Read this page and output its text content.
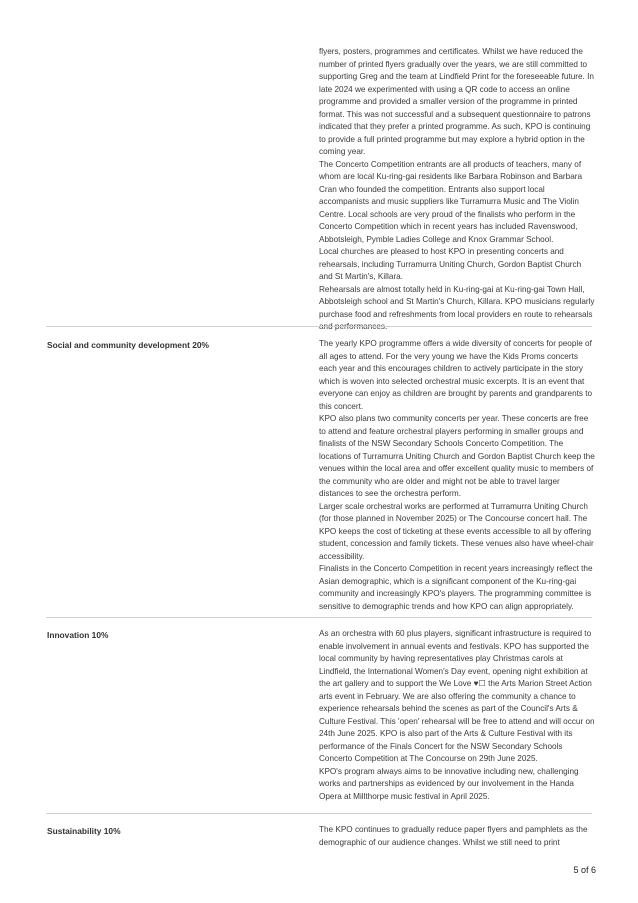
flyers, posters, programmes and certificates. Whilst we have reduced the number of printed flyers gradually over the years, we are still committed to supporting Greg and the team at Lindfield Print for the foreseeable future. In late 2024 we experimented with using a QR code to access an online programme and provided a smaller version of the programme in printed format. This was not successful and a subsequent questionnaire to patrons indicated that they prefer a printed programme. As such, KPO is continuing to provide a full printed programme but may explore a hybrid option in the coming year.

The Concerto Competition entrants are all products of teachers, many of whom are local Ku-ring-gai residents like Barbara Robinson and Barbara Cran who founded the competition. Entrants also support local accompanists and music suppliers like Turramurra Music and The Violin Centre. Local schools are very proud of the finalists who perform in the Concerto Competition which in recent years has included Ravenswood, Abbotsleigh, Pymble Ladies College and Knox Grammar School.

Local churches are pleased to host KPO in presenting concerts and rehearsals, including Turramurra Uniting Church, Gordon Baptist Church and St Martin's, Killara.

Rehearsals are almost totally held in Ku-ring-gai at Ku-ring-gai Town Hall, Abbotsleigh school and St Martin's Church, Killara. KPO musicians regularly purchase food and refreshments from local providers en route to rehearsals and performances.

Social and community development 20%	The yearly KPO programme offers a wide diversity of concerts for people of all ages to attend. For the very young we have the Kids Proms concerts each year and this encourages children to actively participate in the story which is woven into selected orchestral music excerpts. It is an event that everyone can enjoy as children are brought by parents and grandparents to this concert.

KPO also plans two community concerts per year. These concerts are free to attend and feature orchestral players performing in smaller groups and finalists of the NSW Secondary Schools Concerto Competition. The locations of Turramurra Uniting Church and Gordon Baptist Church keep the venues within the local area and offer excellent quality music to members of the community who are older and might not be able to travel larger distances to see the orchestra perform.

Larger scale orchestral works are performed at Turramurra Uniting Church (for those planned in November 2025) or The Concourse concert hall. The KPO keeps the cost of ticketing at these events accessible to all by offering student, concession and family tickets. These venues also have wheel-chair accessibility.

Finalists in the Concerto Competition in recent years increasingly reflect the Asian demographic, which is a significant component of the Ku-ring-gai community and increasingly KPO's players. The programming committee is sensitive to demographic trends and how KPO can align appropriately.

Innovation 10%	As an orchestra with 60 plus players, significant infrastructure is required to enable involvement in annual events and festivals. KPO has supported the local community by having representatives play Christmas carols at Lindfield, the International Women's Day event, opening night exhibition at the art gallery and to support the We Love ♥☐ the Arts Marion Street Action arts event in February. We are also offering the community a chance to experience rehearsals behind the scenes as part of the Council's Arts & Culture Festival. This 'open' rehearsal will be free to attend and will occur on 24th June 2025. KPO is also part of the Arts & Culture Festival with its performance of the Finals Concert for the NSW Secondary Schools Concerto Competition at The Concourse on 29th June 2025.

KPO's program always aims to be innovative including new, challenging works and partnerships as evidenced by our involvement in the Handa Opera at Millthorpe music festival in April 2025.

Sustainability 10%	The KPO continues to gradually reduce paper flyers and pamphlets as the demographic of our audience changes. Whilst we still need to print

5 of 6
